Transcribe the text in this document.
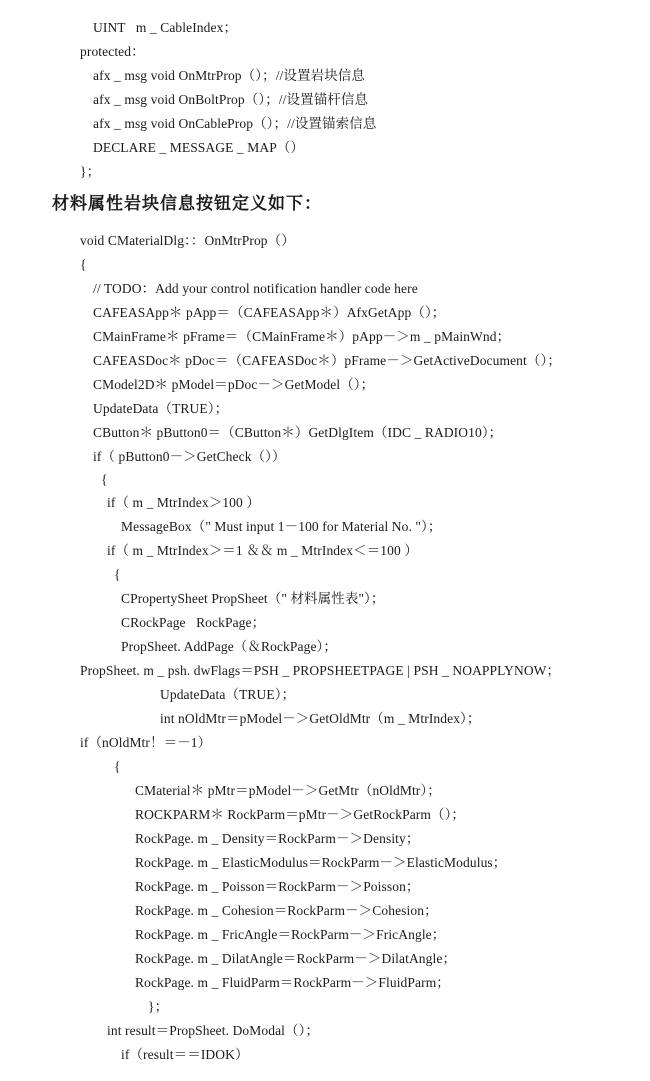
UINT   m _ CableIndex；
protected：
afx _ msg void OnMtrProp（）；//设置岩块信息
afx _ msg void OnBoltProp（）；//设置锚杆信息
afx _ msg void OnCableProp（）；//设置锚索信息
DECLARE _ MESSAGE _ MAP（）
}；
材料属性岩块信息按钮定义如下：
void CMaterialDlg：：OnMtrProp（）
{
// TODO：Add your control notification handler code here
CAFEASApp＊ pApp＝（CAFEASApp＊）AfxGetApp（）；
CMainFrame＊ pFrame＝（CMainFrame＊）pApp－＞m _ pMainWnd；
CAFEASDoc＊ pDoc＝（CAFEASDoc＊）pFrame－＞GetActiveDocument（）；
CModel2D＊ pModel＝pDoc－＞GetModel（）；
UpdateData（TRUE）；
CButton＊ pButton0＝（CButton＊）GetDlgItem（IDC _ RADIO10）；
if（ pButton0－＞GetCheck（））
{
if（ m _ MtrIndex＞100 ）
MessageBox（" Must input 1－100 for Material No. "）；
if（ m _ MtrIndex＞＝1 ＆＆ m _ MtrIndex＜＝100 ）
{
CPropertySheet PropSheet（" 材料属性表"）；
CRockPage   RockPage；
PropSheet. AddPage（＆RockPage）；
PropSheet. m _ psh. dwFlags＝PSH _ PROPSHEETPAGE | PSH _ NOAPPLYNOW；
UpdateData（TRUE）；
int nOldMtr＝pModel－＞GetOldMtr（m _ MtrIndex）；
if（nOldMtr！＝－1）
{
CMaterial＊ pMtr＝pModel－＞GetMtr（nOldMtr）；
ROCKPARM＊ RockParm＝pMtr－＞GetRockParm（）；
RockPage. m _ Density＝RockParm－＞Density；
RockPage. m _ ElasticModulus＝RockParm－＞ElasticModulus；
RockPage. m _ Poisson＝RockParm－＞Poisson；
RockPage. m _ Cohesion＝RockParm－＞Cohesion；
RockPage. m _ FricAngle＝RockParm－＞FricAngle；
RockPage. m _ DilatAngle＝RockParm－＞DilatAngle；
RockPage. m _ FluidParm＝RockParm－＞FluidParm；
}；
int result＝PropSheet. DoModal（）；
if（result＝＝IDOK）
